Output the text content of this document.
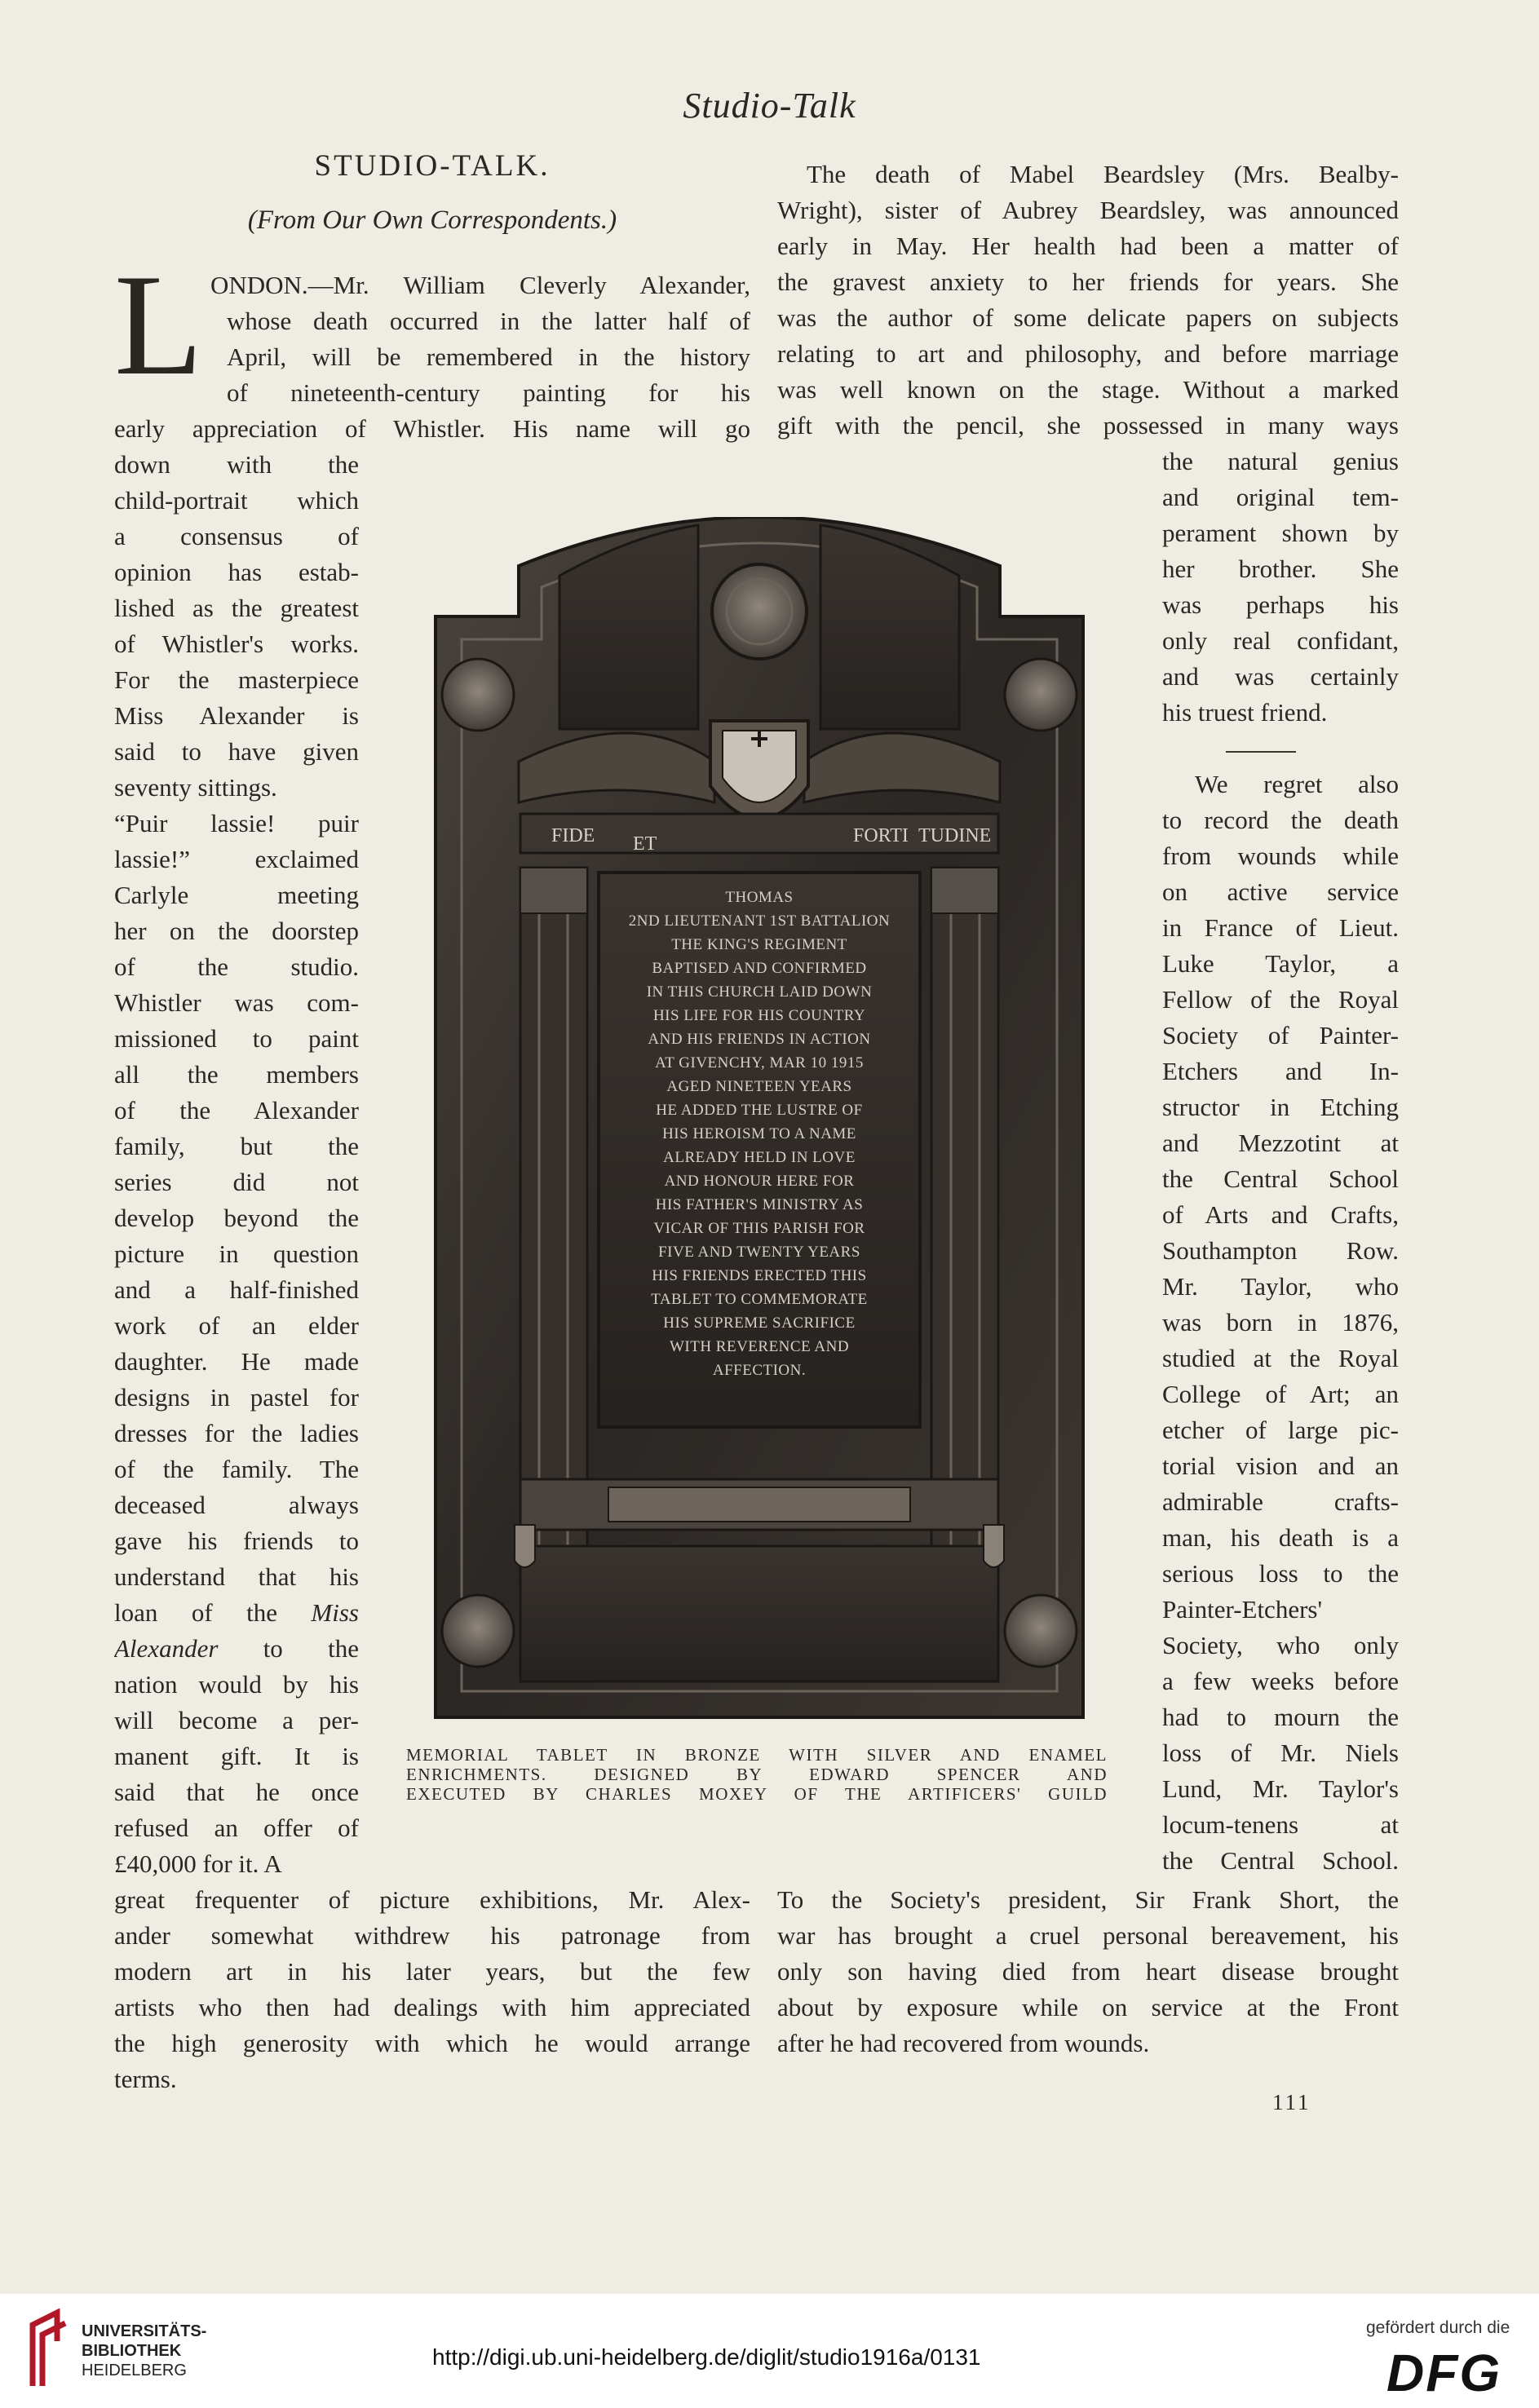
Studio-Talk
STUDIO-TALK.
(From Our Own Correspondents.)
L ONDON.—Mr. William Cleverly Alexander,
whose death occurred in the latter half of
April, will be remembered in the history
of nineteenth-century painting for his
early appreciation of Whistler. His name will go
down with the
child-portrait which
a consensus of
opinion has estab-
lished as the greatest
of Whistler's works.
For the masterpiece
Miss Alexander is
said to have given
seventy sittings.
“Puir lassie! puir
lassie!” exclaimed
Carlyle meeting
her on the doorstep
of the studio.
Whistler was com-
missioned to paint
all the members
of the Alexander
family, but the
series did not
develop beyond the
picture in question
and a half-finished
work of an elder
daughter. He made
designs in pastel for
dresses for the ladies
of the family. The
deceased always
gave his friends to
understand that his
loan of the Miss
Alexander to the
nation would by his
will become a per-
manent gift. It is
said that he once
refused an offer of
£40,000 for it. A
great frequenter of picture exhibitions, Mr. Alex-
ander somewhat withdrew his patronage from
modern art in his later years, but the few
artists who then had dealings with him appreciated
the high generosity with which he would arrange
terms.
The death of Mabel Beardsley (Mrs. Bealby-
Wright), sister of Aubrey Beardsley, was announced
early in May. Her health had been a matter of
the gravest anxiety to her friends for years. She
was the author of some delicate papers on subjects
relating to art and philosophy, and before marriage
was well known on the stage. Without a marked
gift with the pencil, she possessed in many ways
the natural genius
and original tem-
perament shown by
her brother. She
was perhaps his
only real confidant,
and was certainly
his truest friend.
We regret also
to record the death
from wounds while
on active service
in France of Lieut.
Luke Taylor, a
Fellow of the Royal
Society of Painter-
Etchers and In-
structor in Etching
and Mezzotint at
the Central School
of Arts and Crafts,
Southampton Row.
Mr. Taylor, who
was born in 1876,
studied at the Royal
College of Art; an
etcher of large pic-
torial vision and an
admirable crafts-
man, his death is a
serious loss to the
Painter-Etchers'
Society, who only
a few weeks before
had to mourn the
loss of Mr. Niels
Lund, Mr. Taylor's
locum-tenens at
the Central School.
To the Society's president, Sir Frank Short, the
war has brought a cruel personal bereavement, his
only son having died from heart disease brought
about by exposure while on service at the Front
after he had recovered from wounds.
FIDE ET	FORTI TUDINE
THOMAS
2ND LIEUTENANT 1ST BATTALION
THE KING'S REGIMENT
BAPTISED AND CONFIRMED
IN THIS CHURCH LAID DOWN
HIS LIFE FOR HIS COUNTRY
AND HIS FRIENDS IN ACTION
AT GIVENCHY, MAR 10 1915
AGED NINETEEN YEARS
HE ADDED THE LUSTRE OF
HIS HEROISM TO A NAME
ALREADY HELD IN LOVE
AND HONOUR HERE FOR
HIS FATHER'S MINISTRY AS
VICAR OF THIS PARISH FOR
FIVE AND TWENTY YEARS
HIS FRIENDS ERECTED THIS
TABLET TO COMMEMORATE
HIS SUPREME SACRIFICE
WITH REVERENCE AND
AFFECTION.
MEMORIAL TABLET IN BRONZE WITH SILVER AND ENAMEL
ENRICHMENTS. DESIGNED BY EDWARD SPENCER AND
EXECUTED BY CHARLES MOXEY OF THE ARTIFICERS' GUILD
111
UNIVERSITÄTS-
BIBLIOTHEK
HEIDELBERG
http://digi.ub.uni-heidelberg.de/diglit/studio1916a/0131
gefördert durch die
DFG
